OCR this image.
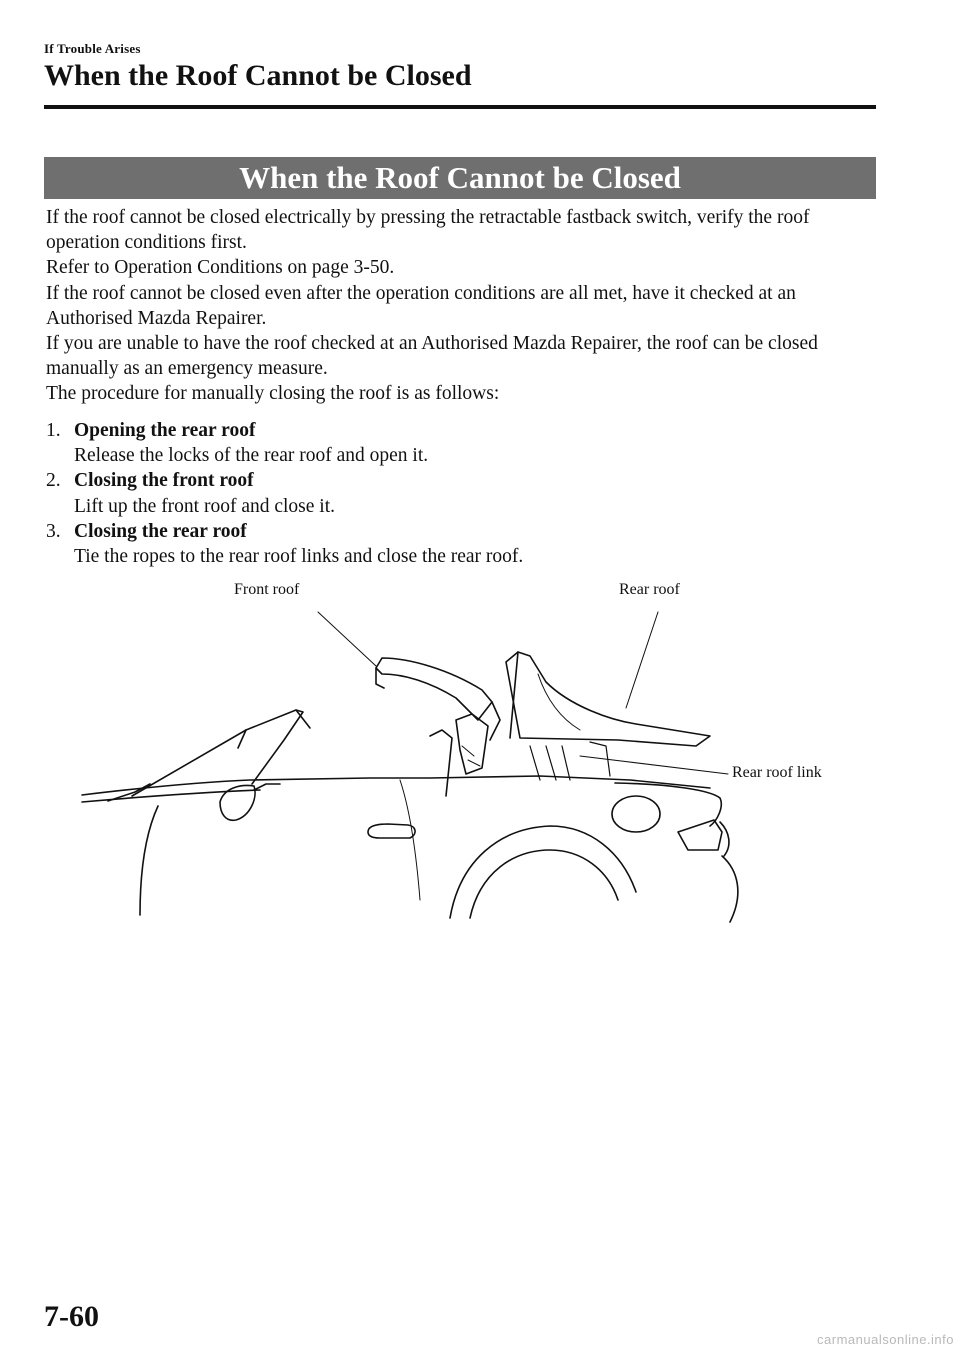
If Trouble Arises
When the Roof Cannot be Closed
When the Roof Cannot be Closed

If the roof cannot be closed electrically by pressing the retractable fastback switch, verify the roof operation conditions first.

Refer to Operation Conditions on page 3-50.

If the roof cannot be closed even after the operation conditions are all met, have it checked at an Authorised Mazda Repairer.

If you are unable to have the roof checked at an Authorised Mazda Repairer, the roof can be closed manually as an emergency measure.

The procedure for manually closing the roof is as follows:

1. Opening the rear roof
Release the locks of the rear roof and open it.
2. Closing the front roof
Lift up the front roof and close it.
3. Closing the rear roof
Tie the ropes to the rear roof links and close the rear roof.
Front roof	Rear roof
Rear roof link
7-60
carmanualsonline.info
